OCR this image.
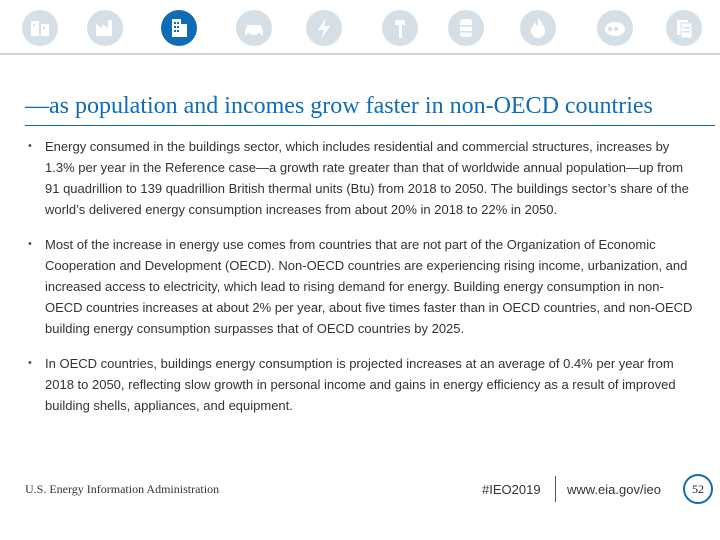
—as population and incomes grow faster in non-OECD countries
• Energy consumed in the buildings sector, which includes residential and commercial structures, increases by 1.3% per year in the Reference case—a growth rate greater than that of worldwide annual population—up from 91 quadrillion to 139 quadrillion British thermal units (Btu) from 2018 to 2050. The buildings sector’s share of the world’s delivered energy consumption increases from about 20% in 2018 to 22% in 2050.
• Most of the increase in energy use comes from countries that are not part of the Organization of Economic Cooperation and Development (OECD). Non-OECD countries are experiencing rising income, urbanization, and increased access to electricity, which lead to rising demand for energy. Building energy consumption in non-OECD countries increases at about 2% per year, about five times faster than in OECD countries, and non-OECD building energy consumption surpasses that of OECD countries by 2025.
• In OECD countries, buildings energy consumption is projected increases at an average of 0.4% per year from 2018 to 2050, reflecting slow growth in personal income and gains in energy efficiency as a result of improved building shells, appliances, and equipment.
U.S. Energy Information Administration	#IEO2019 www.eia.gov/ieo	52
